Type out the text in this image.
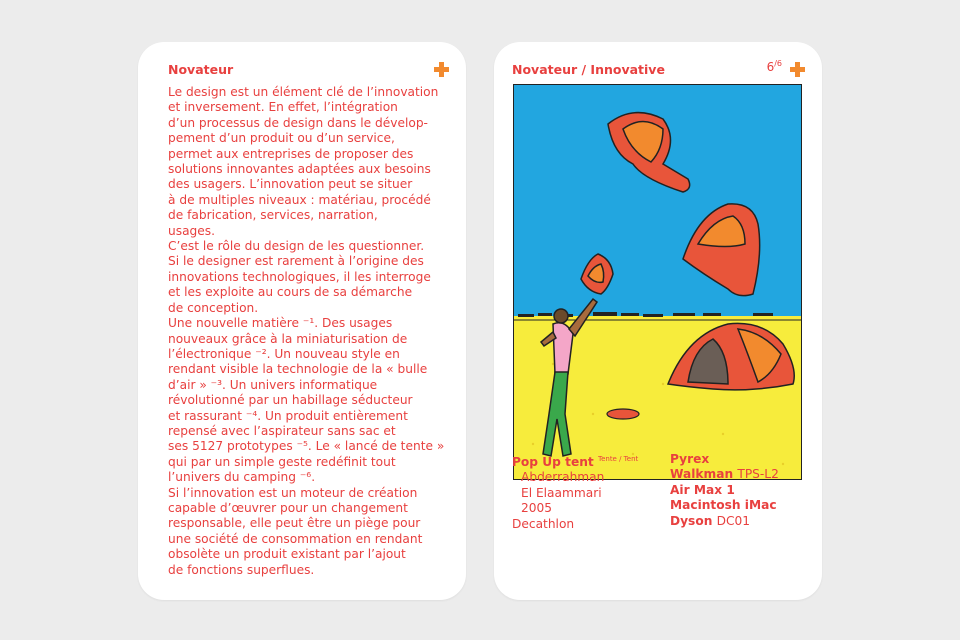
Novateur
Le design est un élément clé de l’innovation
et inversement. En effet, l’intégration
d’un processus de design dans le dévelop-
pement d’un produit ou d’un service,
permet aux entreprises de proposer des
solutions innovantes adaptées aux besoins
des usagers. L’innovation peut se situer
à de multiples niveaux : matériau, procédé
de fabrication, services, narration,
usages.
C’est le rôle du design de les questionner.
Si le designer est rarement à l’origine des
innovations technologiques, il les interroge
et les exploite au cours de sa démarche
de conception.
Une nouvelle matière ⁻¹. Des usages
nouveaux grâce à la miniaturisation de
l’électronique ⁻². Un nouveau style en
rendant visible la technologie de la « bulle
d’air » ⁻³. Un univers informatique
révolutionné par un habillage séducteur
et rassurant ⁻⁴. Un produit entièrement
repensé avec l’aspirateur sans sac et
ses 5127 prototypes ⁻⁵. Le « lancé de tente »
qui par un simple geste redéfinit tout
l’univers du camping ⁻⁶.
Si l’innovation est un moteur de création
capable d’œuvrer pour un changement
responsable, elle peut être un piège pour
une société de consommation en rendant
obsolète un produit existant par l’ajout
de fonctions superflues.
Novateur / Innovative	$6^{/6}$
Pop Up tent $^{Tente / Tent}$
Abderrahman
El Elaammari
2005
Decathlon
Pyrex
Walkman TPS-L2
Air Max 1
Macintosh iMac
Dyson DC01
